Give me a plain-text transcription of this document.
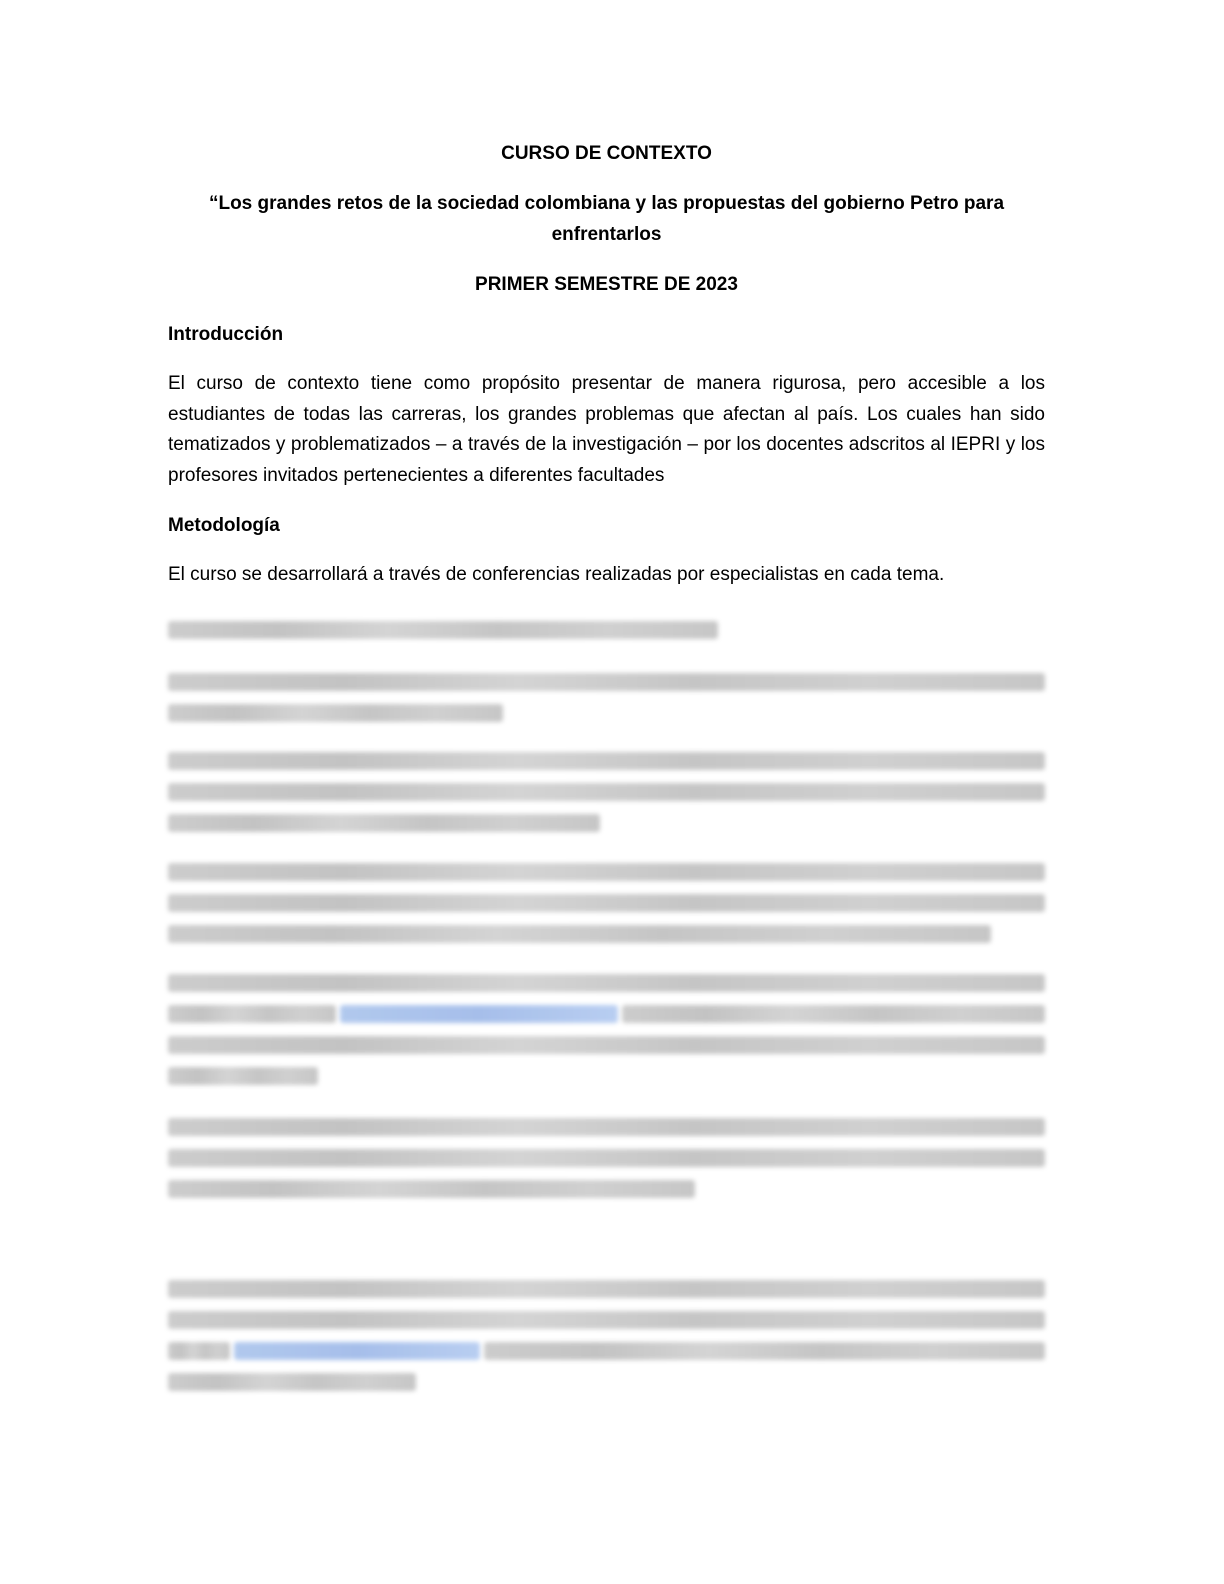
CURSO DE CONTEXTO
“Los grandes retos de la sociedad colombiana y las propuestas del gobierno Petro para enfrentarlos
PRIMER SEMESTRE DE 2023
Introducción
El curso de contexto tiene como propósito presentar de manera rigurosa, pero accesible a los estudiantes de todas las carreras, los grandes problemas que afectan al país. Los cuales han sido tematizados y problematizados – a través de la investigación – por los docentes adscritos al IEPRI y los profesores invitados pertenecientes a diferentes facultades
Metodología
El curso se desarrollará a través de conferencias realizadas por especialistas en cada tema.
